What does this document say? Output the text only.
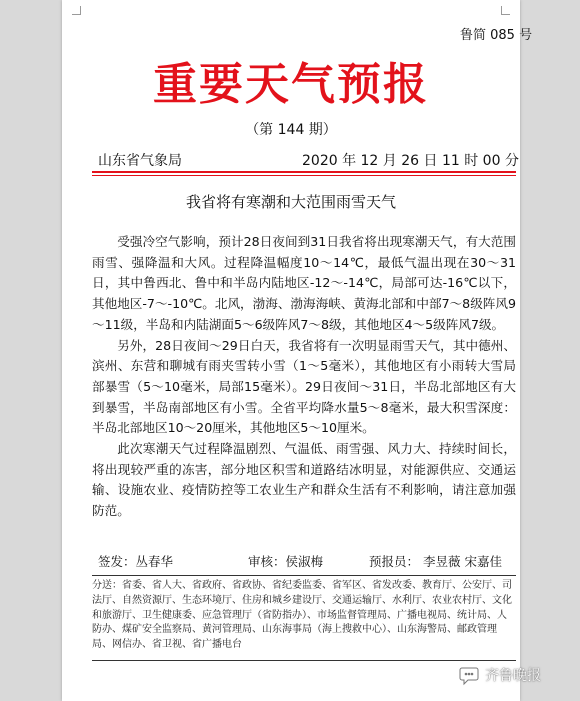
鲁简 085 号
重要天气预报
（第 144 期）
山东省气象局	2020 年 12 月 26 日 11 时 00 分
我省将有寒潮和大范围雨雪天气

受强冷空气影响，预计28日夜间到31日我省将出现寒潮天气，有大范围雨雪、强降温和大风。过程降温幅度10～14℃，最低气温出现在30～31日，其中鲁西北、鲁中和半岛内陆地区-12～-14℃，局部可达-16℃以下，其他地区-7～-10℃。北风，渤海、渤海海峡、黄海北部和中部7～8级阵风9～11级，半岛和内陆湖面5～6级阵风7～8级，其他地区4～5级阵风7级。

另外，28日夜间～29日白天，我省将有一次明显雨雪天气，其中德州、滨州、东营和聊城有雨夹雪转小雪（1～5毫米），其他地区有小雨转大雪局部暴雪（5～10毫米，局部15毫米）。29日夜间～31日，半岛北部地区有大到暴雪，半岛南部地区有小雪。全省平均降水量5～8毫米，最大积雪深度：半岛北部地区10～20厘米，其他地区5～10厘米。

此次寒潮天气过程降温剧烈、气温低、雨雪强、风力大、持续时间长，将出现较严重的冻害，部分地区积雪和道路结冰明显，对能源供应、交通运输、设施农业、疫情防控等工农业生产和群众生活有不利影响，请注意加强防范。

签发：丛春华	审核：侯淑梅	预报员： 李昱薇 宋嘉佳
分送：省委、省人大、省政府、省政协、省纪委监委、省军区、省发改委、教育厅、公安厅、司法厅、自然资源厅、生态环境厅、住房和城乡建设厅、交通运输厅、水利厅、农业农村厅、文化和旅游厅、卫生健康委、应急管理厅（省防指办）、市场监督管理局、广播电视局、统计局、人防办、煤矿安全监察局、黄河管理局、山东海事局（海上搜救中心）、山东海警局、邮政管理局、网信办、省卫视、省广播电台
齐鲁晚报
